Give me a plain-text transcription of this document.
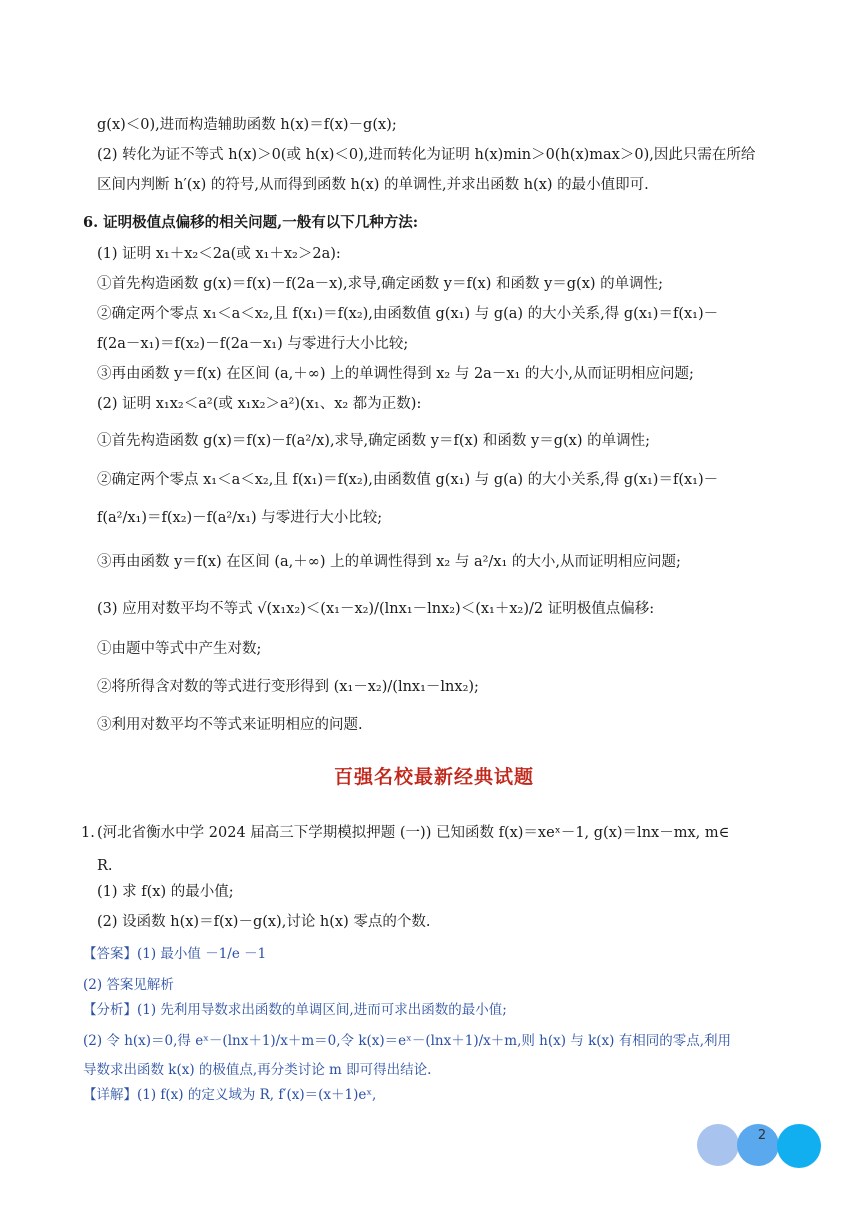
g(x)＜0),进而构造辅助函数 h(x)＝f(x)－g(x);
(2) 转化为证不等式 h(x)＞0(或 h(x)＜0),进而转化为证明 h(x)min＞0(h(x)max＞0),因此只需在所给
区间内判断 h′(x) 的符号,从而得到函数 h(x) 的单调性,并求出函数 h(x) 的最小值即可.
6. 证明极值点偏移的相关问题,一般有以下几种方法:
(1) 证明 x₁＋x₂＜2a(或 x₁＋x₂＞2a):
①首先构造函数 g(x)＝f(x)－f(2a－x),求导,确定函数 y＝f(x) 和函数 y＝g(x) 的单调性;
②确定两个零点 x₁＜a＜x₂,且 f(x₁)＝f(x₂),由函数值 g(x₁) 与 g(a) 的大小关系,得 g(x₁)＝f(x₁)－
f(2a－x₁)＝f(x₂)－f(2a－x₁) 与零进行大小比较;
③再由函数 y＝f(x) 在区间 (a,＋∞) 上的单调性得到 x₂ 与 2a－x₁ 的大小,从而证明相应问题;
(2) 证明 x₁x₂＜a²(或 x₁x₂＞a²)(x₁、x₂ 都为正数):
①首先构造函数 g(x)＝f(x)－f(a²/x),求导,确定函数 y＝f(x) 和函数 y＝g(x) 的单调性;
②确定两个零点 x₁＜a＜x₂,且 f(x₁)＝f(x₂),由函数值 g(x₁) 与 g(a) 的大小关系,得 g(x₁)＝f(x₁)－
f(a²/x₁)＝f(x₂)－f(a²/x₁) 与零进行大小比较;
③再由函数 y＝f(x) 在区间 (a,＋∞) 上的单调性得到 x₂ 与 a²/x₁ 的大小,从而证明相应问题;
(3) 应用对数平均不等式 √(x₁x₂)＜(x₁－x₂)/(lnx₁－lnx₂)＜(x₁＋x₂)/2 证明极值点偏移:
①由题中等式中产生对数;
②将所得含对数的等式进行变形得到 (x₁－x₂)/(lnx₁－lnx₂);
③利用对数平均不等式来证明相应的问题.
百强名校最新经典试题
1. (河北省衡水中学 2024 届高三下学期模拟押题 (一)) 已知函数 f(x)＝xeˣ－1, g(x)＝lnx－mx, m∈
R.
(1) 求 f(x) 的最小值;
(2) 设函数 h(x)＝f(x)－g(x),讨论 h(x) 零点的个数.
【答案】(1) 最小值 －1/e －1
(2) 答案见解析
【分析】(1) 先利用导数求出函数的单调区间,进而可求出函数的最小值;
(2) 令 h(x)＝0,得 eˣ－(lnx＋1)/x＋m＝0,令 k(x)＝eˣ－(lnx＋1)/x＋m,则 h(x) 与 k(x) 有相同的零点,利用
导数求出函数 k(x) 的极值点,再分类讨论 m 即可得出结论.
【详解】(1) f(x) 的定义域为 R, f′(x)＝(x＋1)eˣ,
2
